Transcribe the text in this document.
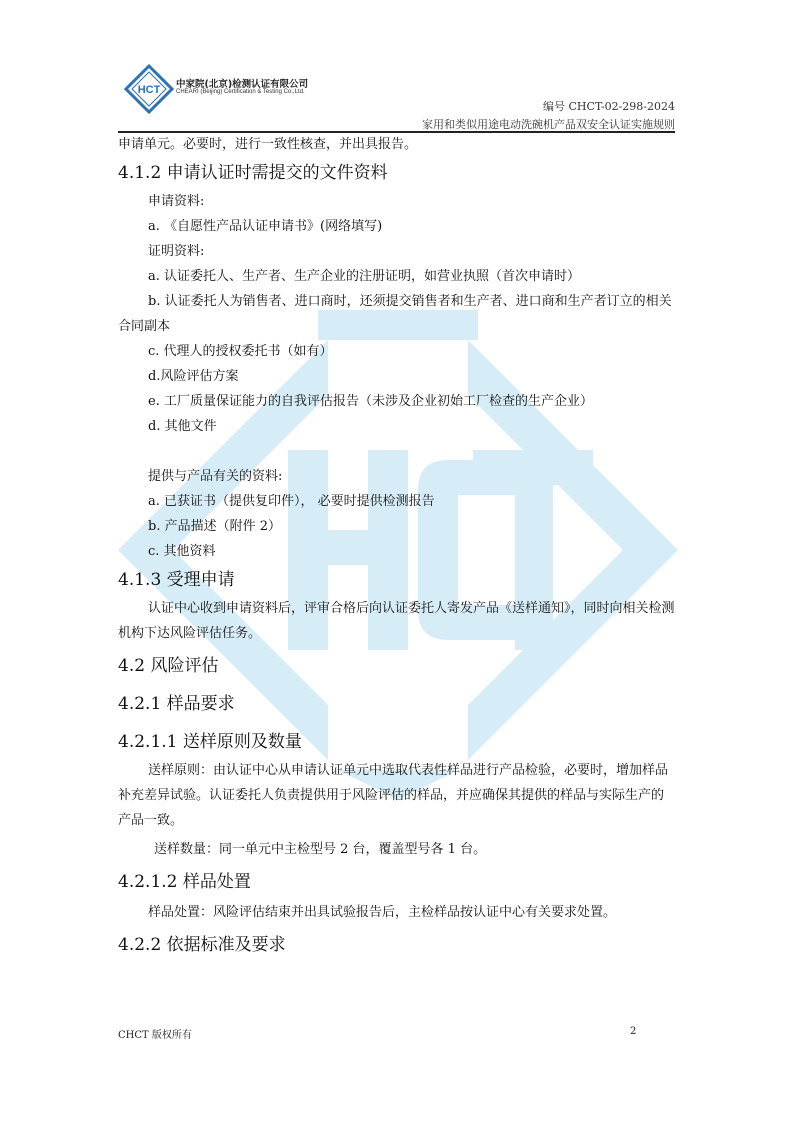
HCT 中家院(北京)检测认证有限公司
CHEARI (Beijing) Certification & Testing Co.,Ltd.
编号 CHCT-02-298-2024
家用和类似用途电动洗碗机产品双安全认证实施规则

申请单元。必要时，进行一致性核查，并出具报告。

4.1.2 申请认证时需提交的文件资料

申请资料:

a. 《自愿性产品认证申请书》(网络填写)

证明资料:

a. 认证委托人、生产者、生产企业的注册证明，如营业执照（首次申请时）

b. 认证委托人为销售者、进口商时，还须提交销售者和生产者、进口商和生产者订立的相关合同副本

c. 代理人的授权委托书（如有）

d.风险评估方案

e. 工厂质量保证能力的自我评估报告（未涉及企业初始工厂检查的生产企业）

d. 其他文件

提供与产品有关的资料:

a. 已获证书（提供复印件）， 必要时提供检测报告

b. 产品描述（附件 2）

c. 其他资料

4.1.3 受理申请

认证中心收到申请资料后，评审合格后向认证委托人寄发产品《送样通知》，同时向相关检测机构下达风险评估任务。

4.2 风险评估
4.2.1 样品要求
4.2.1.1 送样原则及数量

送样原则：由认证中心从申请认证单元中选取代表性样品进行产品检验，必要时，增加样品补充差异试验。认证委托人负责提供用于风险评估的样品，并应确保其提供的样品与实际生产的产品一致。

送样数量：同一单元中主检型号 2 台，覆盖型号各 1 台。

4.2.1.2 样品处置

样品处置：风险评估结束并出具试验报告后，主检样品按认证中心有关要求处置。

4.2.2 依据标准及要求
CHCT 版权所有	2
